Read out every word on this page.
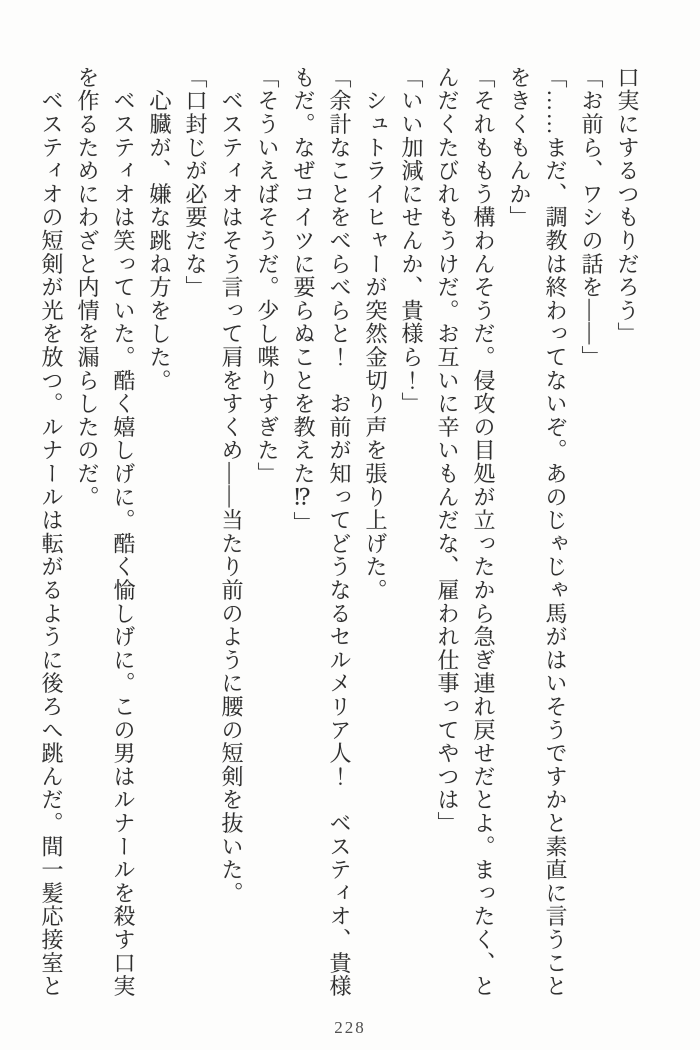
口実にするつもりだろう」
「お前ら、ワシの話を――」
「……まだ、調教は終わってないぞ。あのじゃじゃ馬がはいそうですかと素直に言うこと
をきくもんか」
「それももう構わんそうだ。侵攻の目処が立ったから急ぎ連れ戻せだとよ。まったく、と
んだくたびれもうけだ。お互いに辛いもんだな、雇われ仕事ってやつは」
「いい加減にせんか、貴様ら！」
　シュトライヒャーが突然金切り声を張り上げた。
「余計なことをべらべらと！　お前が知ってどうなるセルメリア人！　ベスティオ、貴様
もだ。なぜコイツに要らぬことを教えた⁉」
「そういえばそうだ。少し喋りすぎた」
　ベスティオはそう言って肩をすくめ――当たり前のように腰の短剣を抜いた。
「口封じが必要だな」
　心臓が、嫌な跳ね方をした。
　ベスティオは笑っていた。酷く嬉しげに。酷く愉しげに。この男はルナールを殺す口実
を作るためにわざと内情を漏らしたのだ。
　ベスティオの短剣が光を放つ。ルナールは転がるように後ろへ跳んだ。間一髪応接室と
228
